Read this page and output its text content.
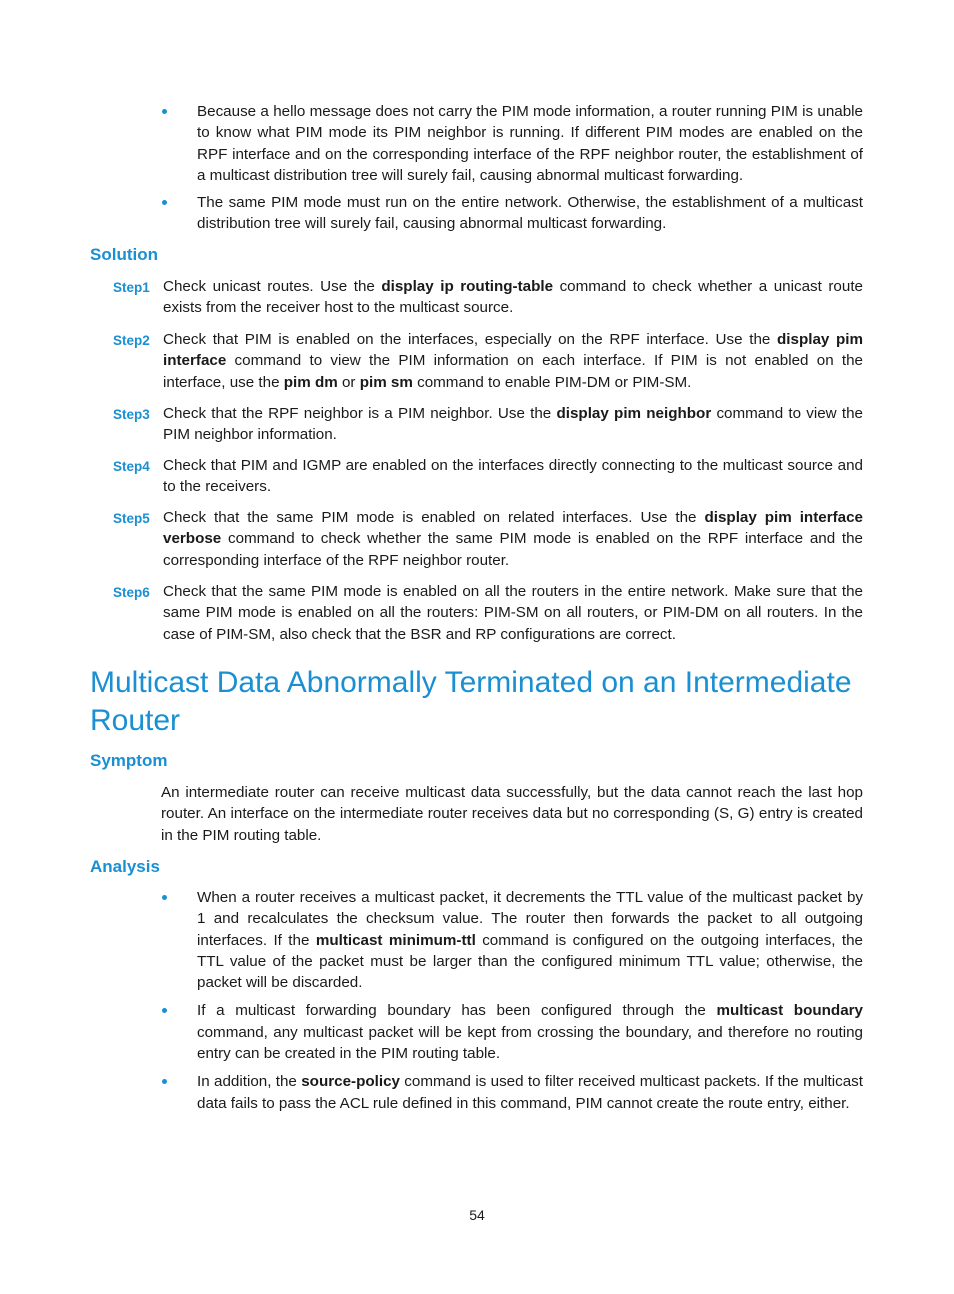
Because a hello message does not carry the PIM mode information, a router running PIM is unable to know what PIM mode its PIM neighbor is running. If different PIM modes are enabled on the RPF interface and on the corresponding interface of the RPF neighbor router, the establishment of a multicast distribution tree will surely fail, causing abnormal multicast forwarding.
The same PIM mode must run on the entire network. Otherwise, the establishment of a multicast distribution tree will surely fail, causing abnormal multicast forwarding.
Solution
Step1 Check unicast routes. Use the display ip routing-table command to check whether a unicast route exists from the receiver host to the multicast source.
Step2 Check that PIM is enabled on the interfaces, especially on the RPF interface. Use the display pim interface command to view the PIM information on each interface. If PIM is not enabled on the interface, use the pim dm or pim sm command to enable PIM-DM or PIM-SM.
Step3 Check that the RPF neighbor is a PIM neighbor. Use the display pim neighbor command to view the PIM neighbor information.
Step4 Check that PIM and IGMP are enabled on the interfaces directly connecting to the multicast source and to the receivers.
Step5 Check that the same PIM mode is enabled on related interfaces. Use the display pim interface verbose command to check whether the same PIM mode is enabled on the RPF interface and the corresponding interface of the RPF neighbor router.
Step6 Check that the same PIM mode is enabled on all the routers in the entire network. Make sure that the same PIM mode is enabled on all the routers: PIM-SM on all routers, or PIM-DM on all routers. In the case of PIM-SM, also check that the BSR and RP configurations are correct.
Multicast Data Abnormally Terminated on an Intermediate Router
Symptom
An intermediate router can receive multicast data successfully, but the data cannot reach the last hop router. An interface on the intermediate router receives data but no corresponding (S, G) entry is created in the PIM routing table.
Analysis
When a router receives a multicast packet, it decrements the TTL value of the multicast packet by 1 and recalculates the checksum value. The router then forwards the packet to all outgoing interfaces. If the multicast minimum-ttl command is configured on the outgoing interfaces, the TTL value of the packet must be larger than the configured minimum TTL value; otherwise, the packet will be discarded.
If a multicast forwarding boundary has been configured through the multicast boundary command, any multicast packet will be kept from crossing the boundary, and therefore no routing entry can be created in the PIM routing table.
In addition, the source-policy command is used to filter received multicast packets. If the multicast data fails to pass the ACL rule defined in this command, PIM cannot create the route entry, either.
54
